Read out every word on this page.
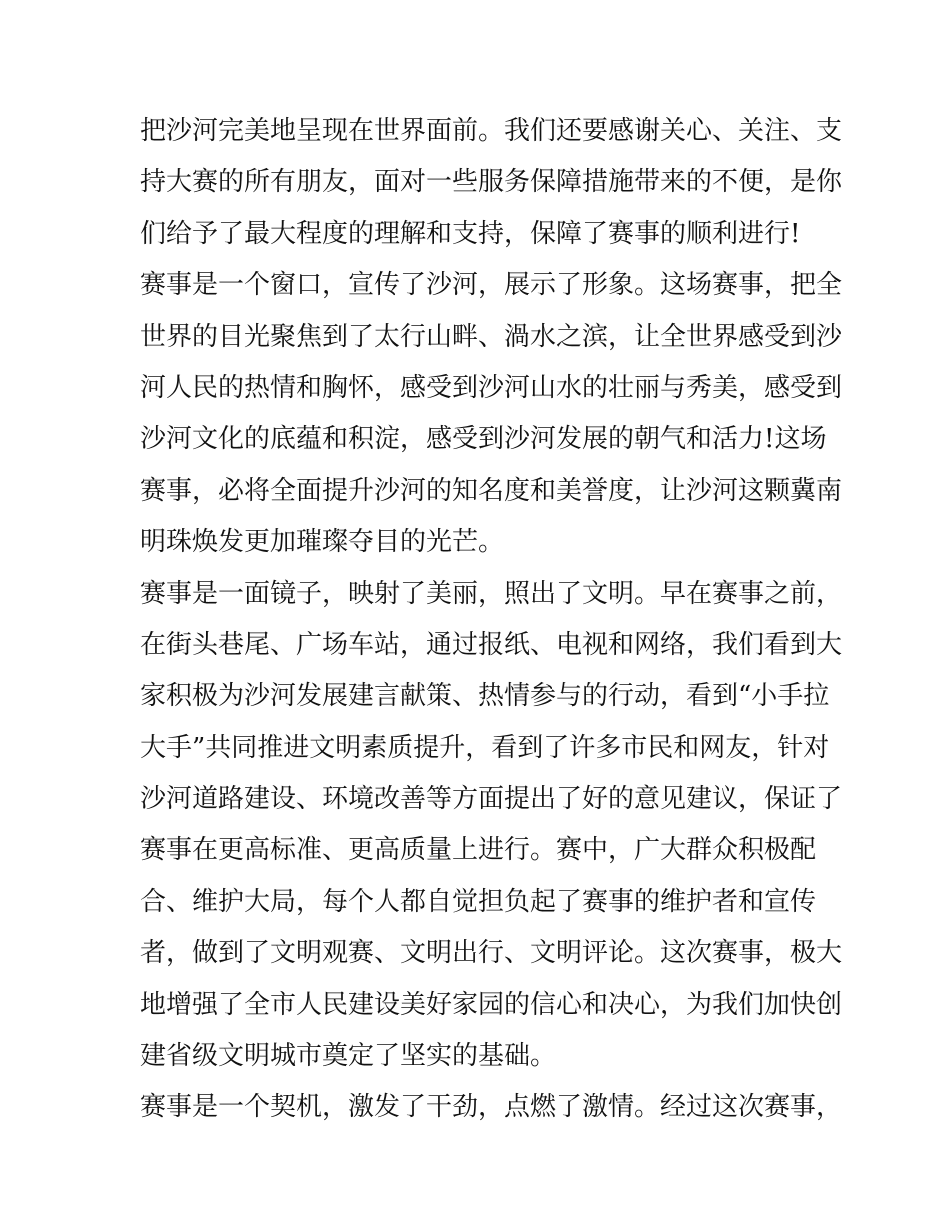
把沙河完美地呈现在世界面前。我们还要感谢关心、关注、支
持大赛的所有朋友，面对一些服务保障措施带来的不便，是你
们给予了最大程度的理解和支持，保障了赛事的顺利进行!
赛事是一个窗口，宣传了沙河，展示了形象。这场赛事，把全
世界的目光聚焦到了太行山畔、渦水之滨，让全世界感受到沙
河人民的热情和胸怀，感受到沙河山水的壮丽与秀美，感受到
沙河文化的底蕴和积淀，感受到沙河发展的朝气和活力!这场
赛事，必将全面提升沙河的知名度和美誉度，让沙河这颗冀南
明珠焕发更加璀璨夺目的光芒。
赛事是一面镜子，映射了美丽，照出了文明。早在赛事之前，
在街头巷尾、广场车站，通过报纸、电视和网络，我们看到大
家积极为沙河发展建言献策、热情参与的行动，看到“小手拉
大手”共同推进文明素质提升，看到了许多市民和网友，针对
沙河道路建设、环境改善等方面提出了好的意见建议，保证了
赛事在更高标准、更高质量上进行。赛中，广大群众积极配
合、维护大局，每个人都自觉担负起了赛事的维护者和宣传
者，做到了文明观赛、文明出行、文明评论。这次赛事，极大
地增强了全市人民建设美好家园的信心和决心，为我们加快创
建省级文明城市奠定了坚实的基础。
赛事是一个契机，激发了干劲，点燃了激情。经过这次赛事，
